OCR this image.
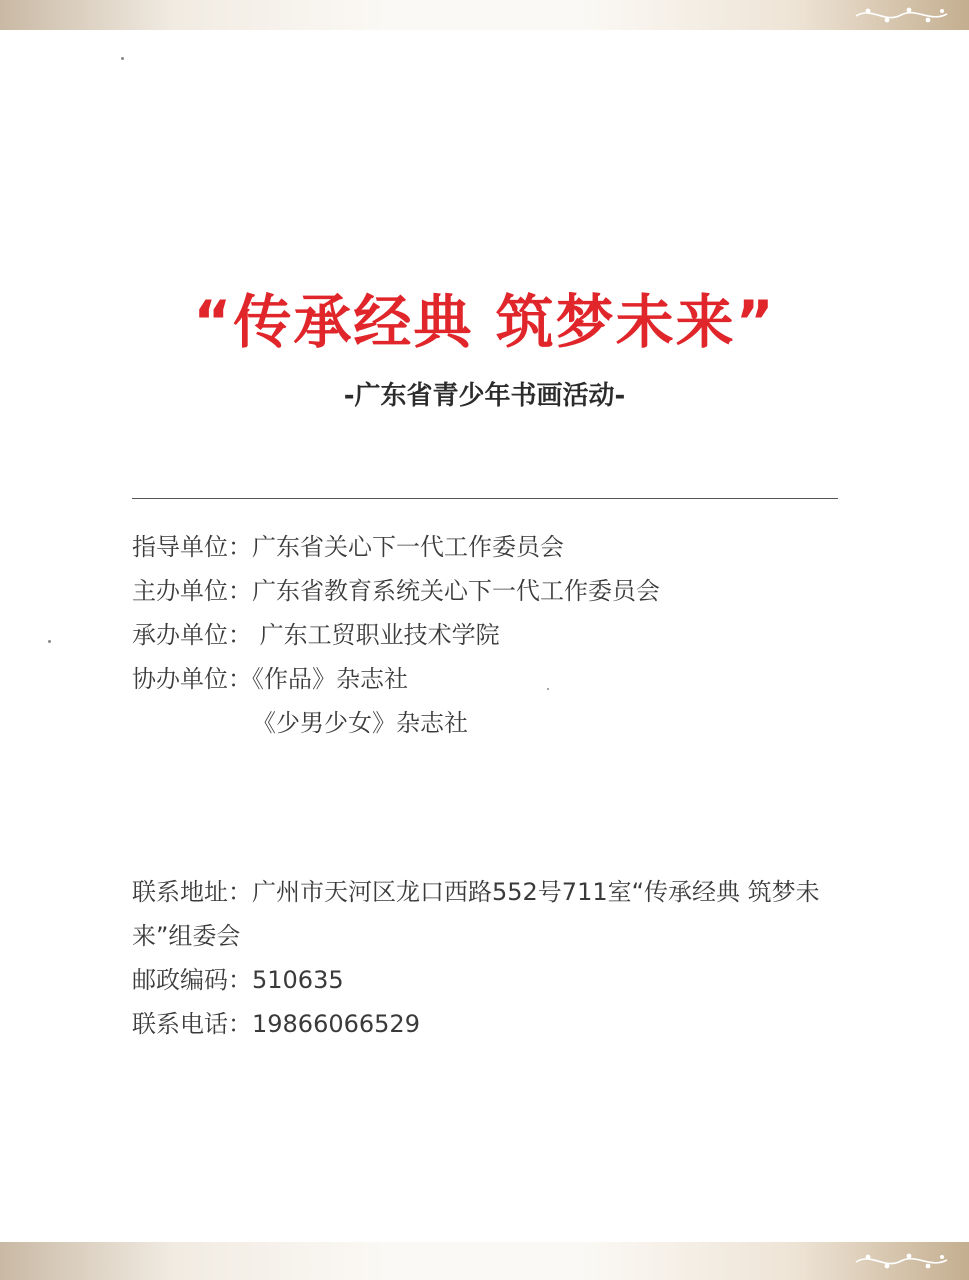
“传承经典 筑梦未来”
-广东省青少年书画活动-
指导单位：广东省关心下一代工作委员会
主办单位：广东省教育系统关心下一代工作委员会
承办单位： 广东工贸职业技术学院
协办单位：《作品》杂志社
《少男少女》杂志社
联系地址：广州市天河区龙口西路552号711室“传承经典 筑梦未来”组委会
邮政编码：510635
联系电话：19866066529
